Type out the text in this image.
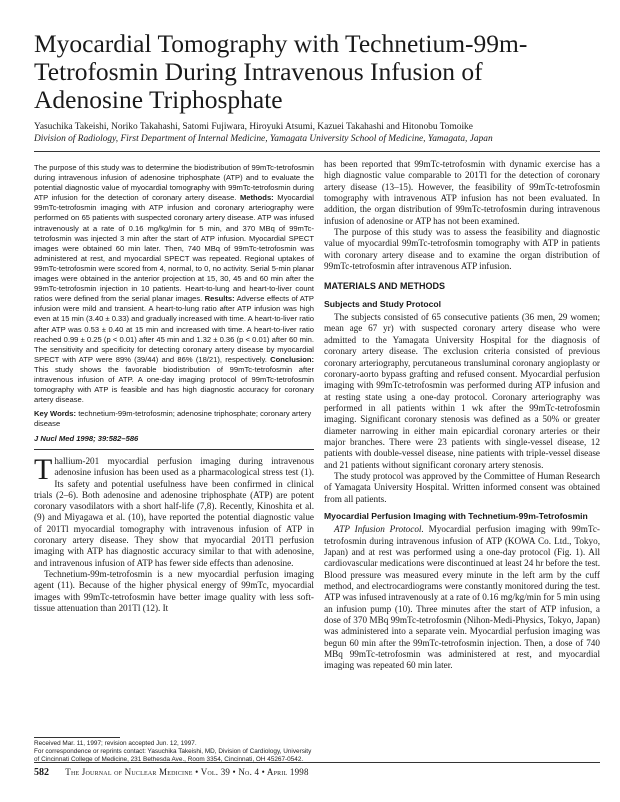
Myocardial Tomography with Technetium-99m-Tetrofosmin During Intravenous Infusion of Adenosine Triphosphate
Yasuchika Takeishi, Noriko Takahashi, Satomi Fujiwara, Hiroyuki Atsumi, Kazuei Takahashi and Hitonobu Tomoike
Division of Radiology, First Department of Internal Medicine, Yamagata University School of Medicine, Yamagata, Japan

The purpose of this study was to determine the biodistribution of 99mTc-tetrofosmin during intravenous infusion of adenosine triphosphate (ATP) and to evaluate the potential diagnostic value of myocardial tomography with 99mTc-tetrofosmin during ATP infusion for the detection of coronary artery disease. Methods: Myocardial 99mTc-tetrofosmin imaging with ATP infusion and coronary arteriography were performed on 65 patients with suspected coronary artery disease. ATP was infused intravenously at a rate of 0.16 mg/kg/min for 5 min, and 370 MBq of 99mTc-tetrofosmin was injected 3 min after the start of ATP infusion. Myocardial SPECT images were obtained 60 min later. Then, 740 MBq of 99mTc-tetrofosmin was administered at rest, and myocardial SPECT was repeated. Regional uptakes of 99mTc-tetrofosmin were scored from 4, normal, to 0, no activity. Serial 5-min planar images were obtained in the anterior projection at 15, 30, 45 and 60 min after the 99mTc-tetrofosmin injection in 10 patients. Heart-to-lung and heart-to-liver count ratios were defined from the serial planar images. Results: Adverse effects of ATP infusion were mild and transient. A heart-to-lung ratio after ATP infusion was high even at 15 min (3.40 ± 0.33) and gradually increased with time. A heart-to-liver ratio after ATP was 0.53 ± 0.40 at 15 min and increased with time. A heart-to-liver ratio reached 0.99 ± 0.25 (p < 0.01) after 45 min and 1.32 ± 0.36 (p < 0.01) after 60 min. The sensitivity and specificity for detecting coronary artery disease by myocardial SPECT with ATP were 89% (39/44) and 86% (18/21), respectively. Conclusion: This study shows the favorable biodistribution of 99mTc-tetrofosmin after intravenous infusion of ATP. A one-day imaging protocol of 99mTc-tetrofosmin tomography with ATP is feasible and has high diagnostic accuracy for coronary artery disease.

Key Words: technetium-99m-tetrofosmin; adenosine triphosphate; coronary artery disease

J Nucl Med 1998; 39:582–586

Thallium-201 myocardial perfusion imaging during intravenous adenosine infusion has been used as a pharmacological stress test (1). Its safety and potential usefulness have been confirmed in clinical trials (2–6). Both adenosine and adenosine triphosphate (ATP) are potent coronary vasodilators with a short half-life (7,8). Recently, Kinoshita et al. (9) and Miyagawa et al. (10), have reported the potential diagnostic value of 201Tl myocardial tomography with intravenous infusion of ATP in coronary artery disease. They show that myocardial 201Tl perfusion imaging with ATP has diagnostic accuracy similar to that with adenosine, and intravenous infusion of ATP has fewer side effects than adenosine.

Technetium-99m-tetrofosmin is a new myocardial perfusion imaging agent (11). Because of the higher physical energy of 99mTc, myocardial images with 99mTc-tetrofosmin have better image quality with less soft-tissue attenuation than 201Tl (12). It

Received Mar. 11, 1997; revision accepted Jun. 12, 1997.
For correspondence or reprints contact: Yasuchika Takeishi, MD, Division of Cardiology, University of Cincinnati College of Medicine, 231 Bethesda Ave., Room 3354, Cincinnati, OH 45267-0542.

has been reported that 99mTc-tetrofosmin with dynamic exercise has a high diagnostic value comparable to 201Tl for the detection of coronary artery disease (13–15). However, the feasibility of 99mTc-tetrofosmin tomography with intravenous ATP infusion has not been evaluated. In addition, the organ distribution of 99mTc-tetrofosmin during intravenous infusion of adenosine or ATP has not been examined.

The purpose of this study was to assess the feasibility and diagnostic value of myocardial 99mTc-tetrofosmin tomography with ATP in patients with coronary artery disease and to examine the organ distribution of 99mTc-tetrofosmin after intravenous ATP infusion.

MATERIALS AND METHODS
Subjects and Study Protocol

The subjects consisted of 65 consecutive patients (36 men, 29 women; mean age 67 yr) with suspected coronary artery disease who were admitted to the Yamagata University Hospital for the diagnosis of coronary artery disease. The exclusion criteria consisted of previous coronary arteriography, percutaneous transluminal coronary angioplasty or coronary-aorto bypass grafting and refused consent. Myocardial perfusion imaging with 99mTc-tetrofosmin was performed during ATP infusion and at resting state using a one-day protocol. Coronary arteriography was performed in all patients within 1 wk after the 99mTc-tetrofosmin imaging. Significant coronary stenosis was defined as a 50% or greater diameter narrowing in either main epicardial coronary arteries or their major branches. There were 23 patients with single-vessel disease, 12 patients with double-vessel disease, nine patients with triple-vessel disease and 21 patients without significant coronary artery stenosis.

The study protocol was approved by the Committee of Human Research of Yamagata University Hospital. Written informed consent was obtained from all patients.

Myocardial Perfusion Imaging with Technetium-99m-Tetrofosmin

ATP Infusion Protocol. Myocardial perfusion imaging with 99mTc-tetrofosmin during intravenous infusion of ATP (KOWA Co. Ltd., Tokyo, Japan) and at rest was performed using a one-day protocol (Fig. 1). All cardiovascular medications were discontinued at least 24 hr before the test. Blood pressure was measured every minute in the left arm by the cuff method, and electrocardiograms were constantly monitored during the test. ATP was infused intravenously at a rate of 0.16 mg/kg/min for 5 min using an infusion pump (10). Three minutes after the start of ATP infusion, a dose of 370 MBq 99mTc-tetrofosmin (Nihon-Medi-Physics, Tokyo, Japan) was administered into a separate vein. Myocardial perfusion imaging was begun 60 min after the 99mTc-tetrofosmin injection. Then, a dose of 740 MBq 99mTc-tetrofosmin was administered at rest, and myocardial imaging was repeated 60 min later.

582 The Journal of Nuclear Medicine • Vol. 39 • No. 4 • April 1998
